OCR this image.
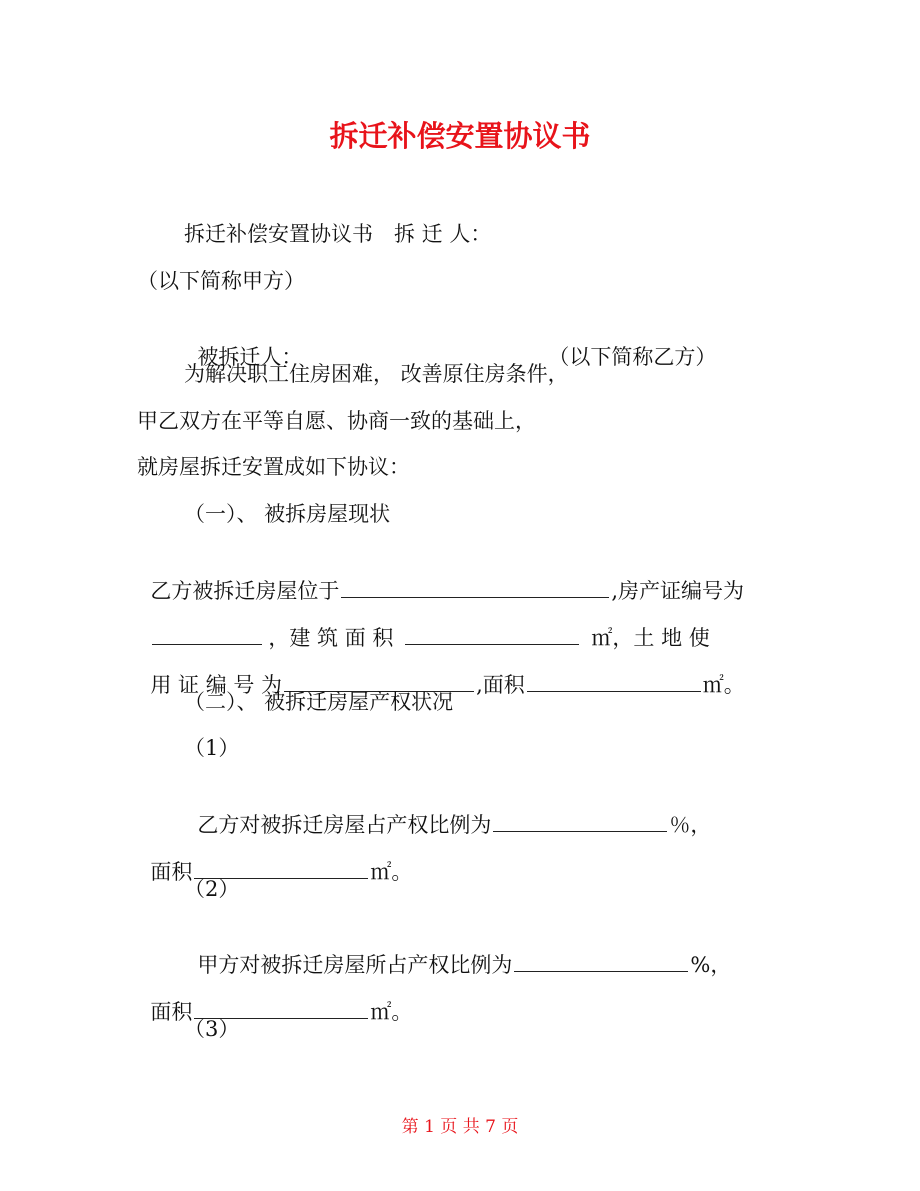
拆迁补偿安置协议书
拆迁补偿安置协议书　拆 迁 人：
（以下简称甲方）

被拆迁人：	（以下简称乙方）

为解决职工住房困难， 改善原住房条件，
甲乙双方在平等自愿、协商一致的基础上，
就房屋拆迁安置成如下协议：
（一）、 被拆房屋现状

乙方被拆迁房屋位于	,房产证编号为

，建 筑 面 积	㎡，土 地 使

用 证 编 号 为	,面积	㎡。

（二）、 被拆迁房屋产权状况
（1）

乙方对被拆迁房屋占产权比例为	％，

面积	㎡。

（2）

甲方对被拆迁房屋所占产权比例为	%，

面积	㎡。

（3）
第 1 页 共 7 页
